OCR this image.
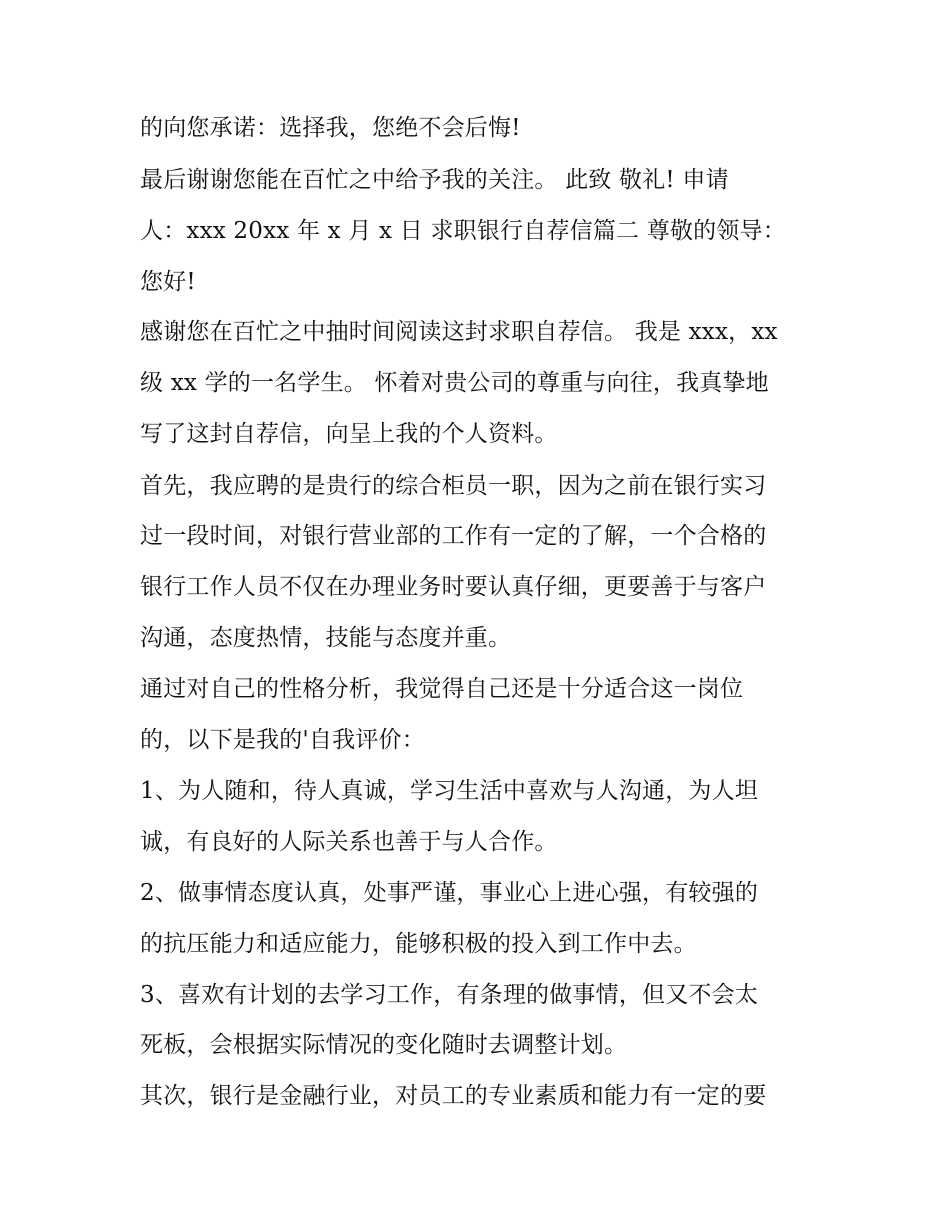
的向您承诺：选择我，您绝不会后悔!
最后谢谢您能在百忙之中给予我的关注。 此致 敬礼! 申请
人：xxx 20xx 年 x 月 x 日 求职银行自荐信篇二 尊敬的领导：
您好!
感谢您在百忙之中抽时间阅读这封求职自荐信。 我是 xxx，xx
级 xx 学的一名学生。 怀着对贵公司的尊重与向往，我真挚地
写了这封自荐信，向呈上我的个人资料。
首先，我应聘的是贵行的综合柜员一职，因为之前在银行实习
过一段时间，对银行营业部的工作有一定的了解，一个合格的
银行工作人员不仅在办理业务时要认真仔细，更要善于与客户
沟通，态度热情，技能与态度并重。
通过对自己的性格分析，我觉得自己还是十分适合这一岗位
的，以下是我的'自我评价：
1、为人随和，待人真诚，学习生活中喜欢与人沟通，为人坦
诚，有良好的人际关系也善于与人合作。
2、做事情态度认真，处事严谨，事业心上进心强，有较强的
的抗压能力和适应能力，能够积极的投入到工作中去。
3、喜欢有计划的去学习工作，有条理的做事情，但又不会太
死板，会根据实际情况的变化随时去调整计划。
其次，银行是金融行业，对员工的专业素质和能力有一定的要
